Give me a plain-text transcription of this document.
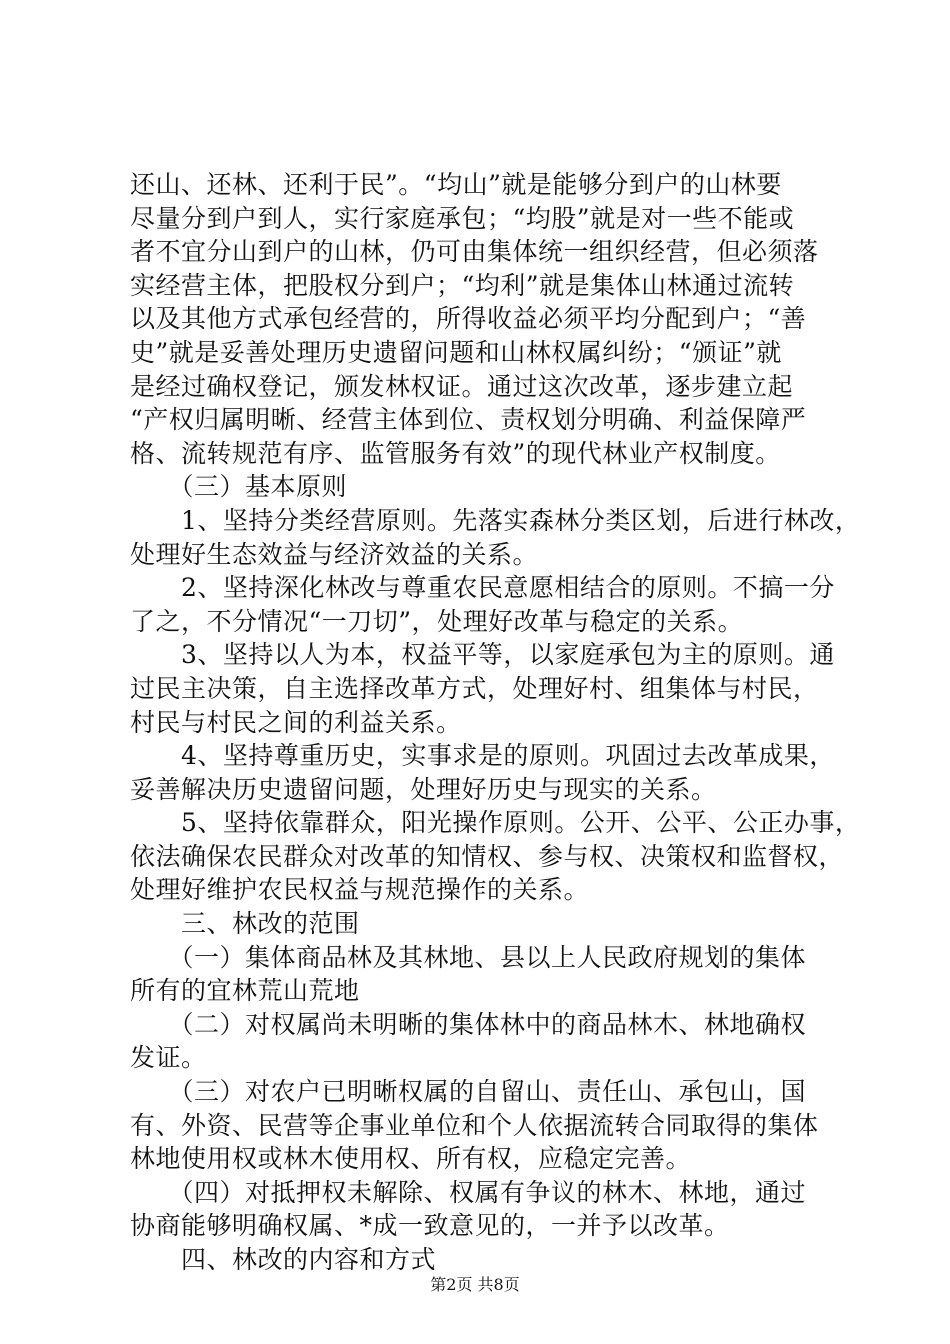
还山、还林、还利于民”。“均山”就是能够分到户的山林要
尽量分到户到人，实行家庭承包；“均股”就是对一些不能或
者不宜分山到户的山林，仍可由集体统一组织经营，但必须落
实经营主体，把股权分到户；“均利”就是集体山林通过流转
以及其他方式承包经营的，所得收益必须平均分配到户；“善
史”就是妥善处理历史遗留问题和山林权属纠纷；“颁证”就
是经过确权登记，颁发林权证。通过这次改革，逐步建立起
“产权归属明晰、经营主体到位、责权划分明确、利益保障严
格、流转规范有序、监管服务有效”的现代林业产权制度。
　　（三）基本原则
　　1、坚持分类经营原则。先落实森林分类区划，后进行林改，
处理好生态效益与经济效益的关系。
　　2、坚持深化林改与尊重农民意愿相结合的原则。不搞一分
了之，不分情况“一刀切”，处理好改革与稳定的关系。
　　3、坚持以人为本，权益平等，以家庭承包为主的原则。通
过民主决策，自主选择改革方式，处理好村、组集体与村民，
村民与村民之间的利益关系。
　　4、坚持尊重历史，实事求是的原则。巩固过去改革成果，
妥善解决历史遗留问题，处理好历史与现实的关系。
　　5、坚持依靠群众，阳光操作原则。公开、公平、公正办事，
依法确保农民群众对改革的知情权、参与权、决策权和监督权，
处理好维护农民权益与规范操作的关系。
　　三、林改的范围
　　（一）集体商品林及其林地、县以上人民政府规划的集体
所有的宜林荒山荒地
　　（二）对权属尚未明晰的集体林中的商品林木、林地确权
发证。
　　（三）对农户已明晰权属的自留山、责任山、承包山，国
有、外资、民营等企事业单位和个人依据流转合同取得的集体
林地使用权或林木使用权、所有权，应稳定完善。
　　（四）对抵押权未解除、权属有争议的林木、林地，通过
协商能够明确权属、*成一致意见的，一并予以改革。
　　四、林改的内容和方式
第2页 共8页
